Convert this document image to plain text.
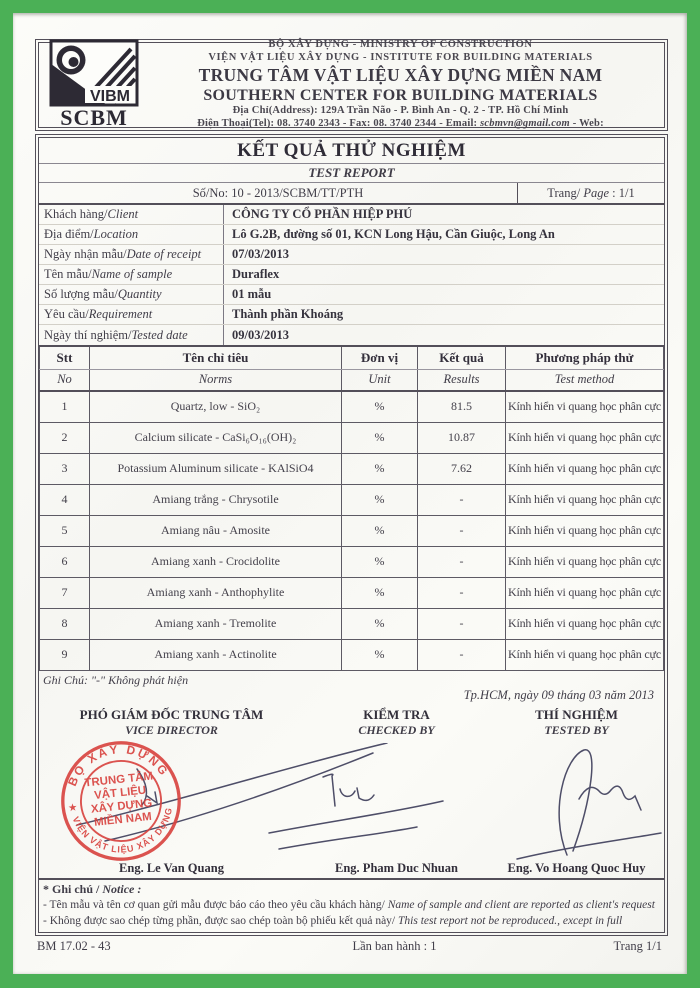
VIBM
SCBM
BỘ XÂY DỰNG - MINISTRY OF CONSTRUCTION
VIỆN VẬT LIỆU XÂY DỰNG - INSTITUTE FOR BUILDING MATERIALS
TRUNG TÂM VẬT LIỆU XÂY DỰNG MIỀN NAM
SOUTHERN CENTER FOR BUILDING MATERIALS
Địa Chỉ(Address): 129A Trần Não - P. Bình An - Q. 2 - TP. Hồ Chí Minh
Điện Thoại(Tel): 08. 3740 2343 - Fax: 08. 3740 2344 - Email: scbmvn@gmail.com - Web:
KẾT QUẢ THỬ NGHIỆM
TEST REPORT
Số/No: 10 - 2013/SCBM/TT/PTH	Trang/ Page : 1/1
Khách hàng/ Client	CÔNG TY CỔ PHẦN HIỆP PHÚ
Địa điểm/ Location	Lô G.2B, đường số 01, KCN Long Hậu, Cần Giuộc, Long An
Ngày nhận mẫu/ Date of receipt	07/03/2013
Tên mẫu/ Name of sample	Duraflex
Số lượng mẫu/ Quantity	01 mẫu
Yêu cầu/ Requirement	Thành phần Khoáng
Ngày thí nghiệm/ Tested date	09/03/2013
Stt	Tên chỉ tiêu	Đơn vị	Kết quả	Phương pháp thử
No	Norms	Unit	Results	Test method
1	Quartz, low - SiO₂	%	81.5	Kính hiển vi quang học phân cực
2	Calcium silicate - CaSi₆O₁₆(OH)₂	%	10.87	Kính hiển vi quang học phân cực
3	Potassium Aluminum silicate - KAlSiO4	%	7.62	Kính hiển vi quang học phân cực
4	Amiang trắng - Chrysotile	%	-	Kính hiển vi quang học phân cực
5	Amiang nâu - Amosite	%	-	Kính hiển vi quang học phân cực
6	Amiang xanh - Crocidolite	%	-	Kính hiển vi quang học phân cực
7	Amiang xanh - Anthophylite	%	-	Kính hiển vi quang học phân cực
8	Amiang xanh - Tremolite	%	-	Kính hiển vi quang học phân cực
9	Amiang xanh - Actinolite	%	-	Kính hiển vi quang học phân cực
Ghi Chú: "-" Không phát hiện
Tp.HCM, ngày 09 tháng 03 năm 2013
PHÓ GIÁM ĐỐC TRUNG TÂM
VICE DIRECTOR
KIỂM TRA
CHECKED BY
THÍ NGHIỆM
TESTED BY
BỘ XÂY DỰNG
VIỆN VẬT LIỆU XÂY DỰNG
★
TRUNG TÂM
VẬT LIỆU
XÂY DỰNG
MIỀN NAM
Eng. Le Van Quang	Eng. Pham Duc Nhuan	Eng. Vo Hoang Quoc Huy
* Ghi chú / Notice :
- Tên mẫu và tên cơ quan gửi mẫu được báo cáo theo yêu cầu khách hàng/ Name of sample and client are reported as client's request
- Không được sao chép từng phần, được sao chép toàn bộ phiếu kết quả này/ This test report not be reproduced., except in full
BM 17.02 - 43	Lần ban hành : 1	Trang 1/1
